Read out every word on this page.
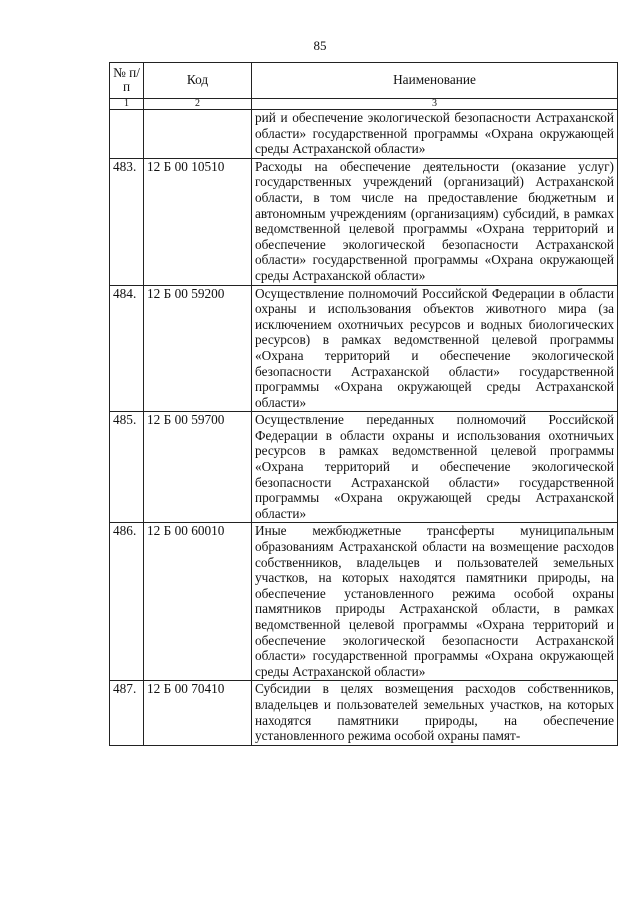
85
№ п/п	Код	Наименование
1	2	3
		рий и обеспечение экологической безопасности Астраханской области» государственной программы «Охрана окружающей среды Астраханской области»
483.	12 Б 00 10510	Расходы на обеспечение деятельности (оказание услуг) государственных учреждений (организаций) Астраханской области, в том числе на предоставление бюджетным и автономным учреждениям (организациям) субсидий, в рамках ведомственной целевой программы «Охрана территорий и обеспечение экологической безопасности Астраханской области» государственной программы «Охрана окружающей среды Астраханской области»
484.	12 Б 00 59200	Осуществление полномочий Российской Федерации в области охраны и использования объектов животного мира (за исключением охотничьих ресурсов и водных биологических ресурсов) в рамках ведомственной целевой программы «Охрана территорий и обеспечение экологической безопасности Астраханской области» государственной программы «Охрана окружающей среды Астраханской области»
485.	12 Б 00 59700	Осуществление переданных полномочий Российской Федерации в области охраны и использования охотничьих ресурсов в рамках ведомственной целевой программы «Охрана территорий и обеспечение экологической безопасности Астраханской области» государственной программы «Охрана окружающей среды Астраханской области»
486.	12 Б 00 60010	Иные межбюджетные трансферты муниципальным образованиям Астраханской области на возмещение расходов собственников, владельцев и пользователей земельных участков, на которых находятся памятники природы, на обеспечение установленного режима особой охраны памятников природы Астраханской области, в рамках ведомственной целевой программы «Охрана территорий и обеспечение экологической безопасности Астраханской области» государственной программы «Охрана окружающей среды Астраханской области»
487.	12 Б 00 70410	Субсидии в целях возмещения расходов собственников, владельцев и пользователей земельных участков, на которых находятся памятники природы, на обеспечение установленного режима особой охраны памят-
